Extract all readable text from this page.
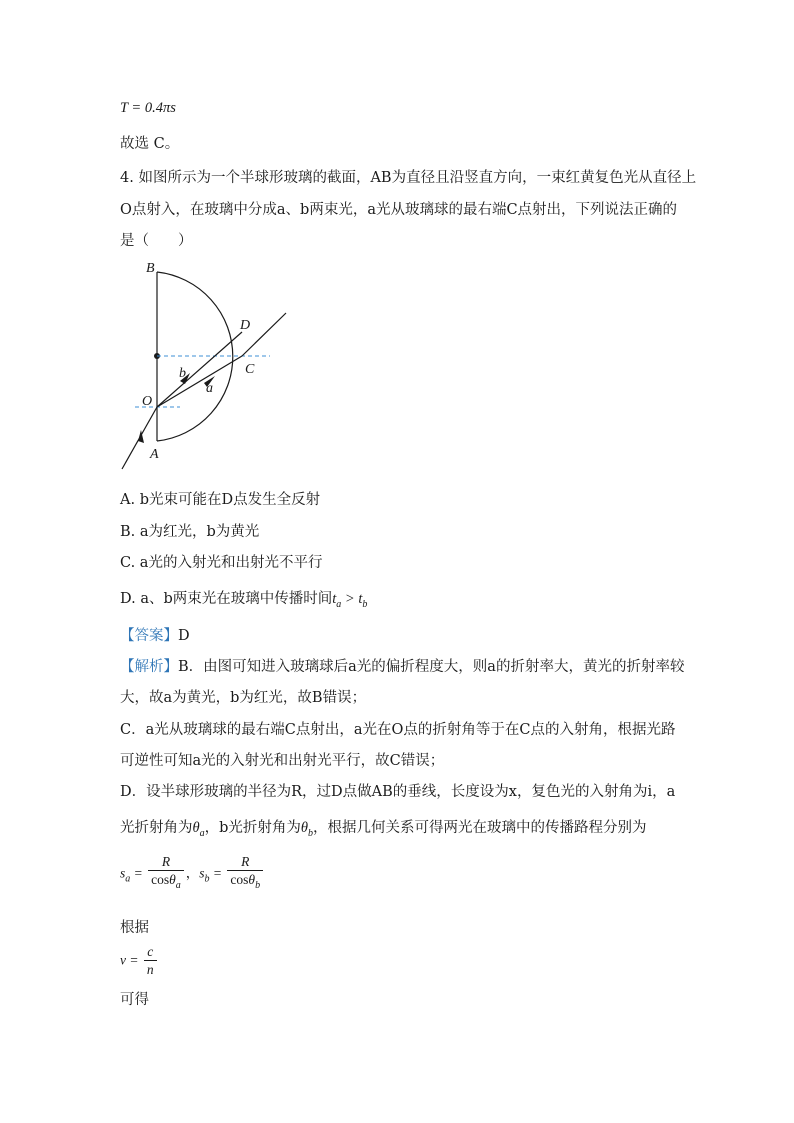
T = 0.4πs
故选 C。
4. 如图所示为一个半球形玻璃的截面，AB为直径且沿竖直方向，一束红黄复色光从直径上
O点射入，在玻璃中分成a、b两束光，a光从玻璃球的最右端C点射出，下列说法正确的
是（　　）
B
D
C
O
A
b
a
A. b光束可能在D点发生全反射
B. a为红光，b为黄光
C. a光的入射光和出射光不平行
D. a、b两束光在玻璃中传播时间$t_a > t_b$
【答案】D
【解析】B．由图可知进入玻璃球后a光的偏折程度大，则a的折射率大，黄光的折射率较
大，故a为黄光，b为红光，故B错误；
C．a光从玻璃球的最右端C点射出，a光在O点的折射角等于在C点的入射角，根据光路
可逆性可知a光的入射光和出射光平行，故C错误；
D．设半球形玻璃的半径为R，过D点做AB的垂线，长度设为x，复色光的入射角为i，a
光折射角为$\theta_a$，b光折射角为$\theta_b$，根据几何关系可得两光在玻璃中的传播路程分别为
$s_a = \frac{R}{\cos\theta_a}$ ，$s_b = \frac{R}{\cos\theta_b}$
根据
$v = \frac{c}{n}$
可得
